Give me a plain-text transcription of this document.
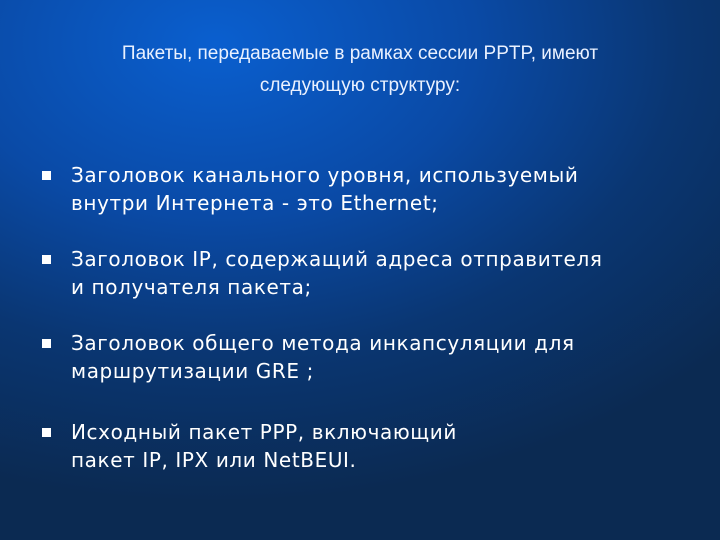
Пакеты, передаваемые в рамках сессии PPTP, имеют
следующую структуру:
Заголовок канального уровня, используемый
внутри Интернета - это Ethernet;
Заголовок IP, содержащий адреса отправителя
и получателя пакета;
Заголовок общего метода инкапсуляции для
маршрутизации GRE ;
Исходный пакет PPP, включающий
пакет IP, IPX или NetBEUI.
